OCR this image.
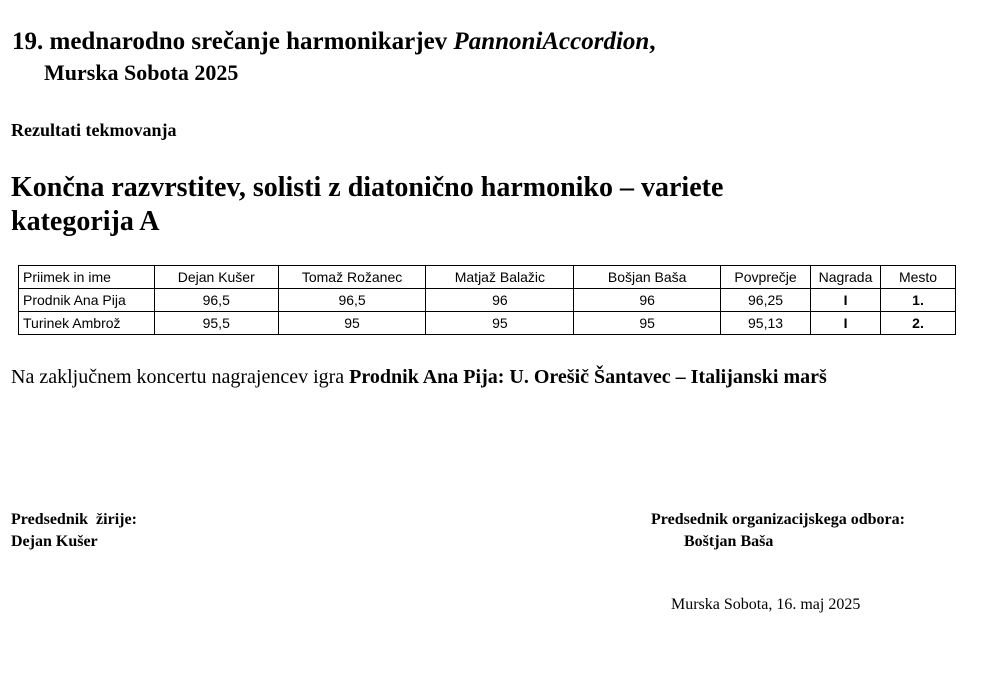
19. mednarodno srečanje harmonikarjev PannoniAccordion,
Murska Sobota 2025
Rezultati tekmovanja
Končna razvrstitev, solisti z diatonično harmoniko – variete
kategorija A
Priimek in ime	Dejan Kušer	Tomaž Rožanec	Matjaž Balažic	Bošjan Baša	Povprečje	Nagrada	Mesto
Prodnik Ana Pija	96,5	96,5	96	96	96,25	I	1.
Turinek Ambrož	95,5	95	95	95	95,13	I	2.
Na zaključnem koncertu nagrajencev igra Prodnik Ana Pija: U. Orešič Šantavec – Italijanski marš
Predsednik  žirije:
Dejan Kušer
Predsednik organizacijskega odbora:
Boštjan Baša
Murska Sobota, 16. maj 2025
